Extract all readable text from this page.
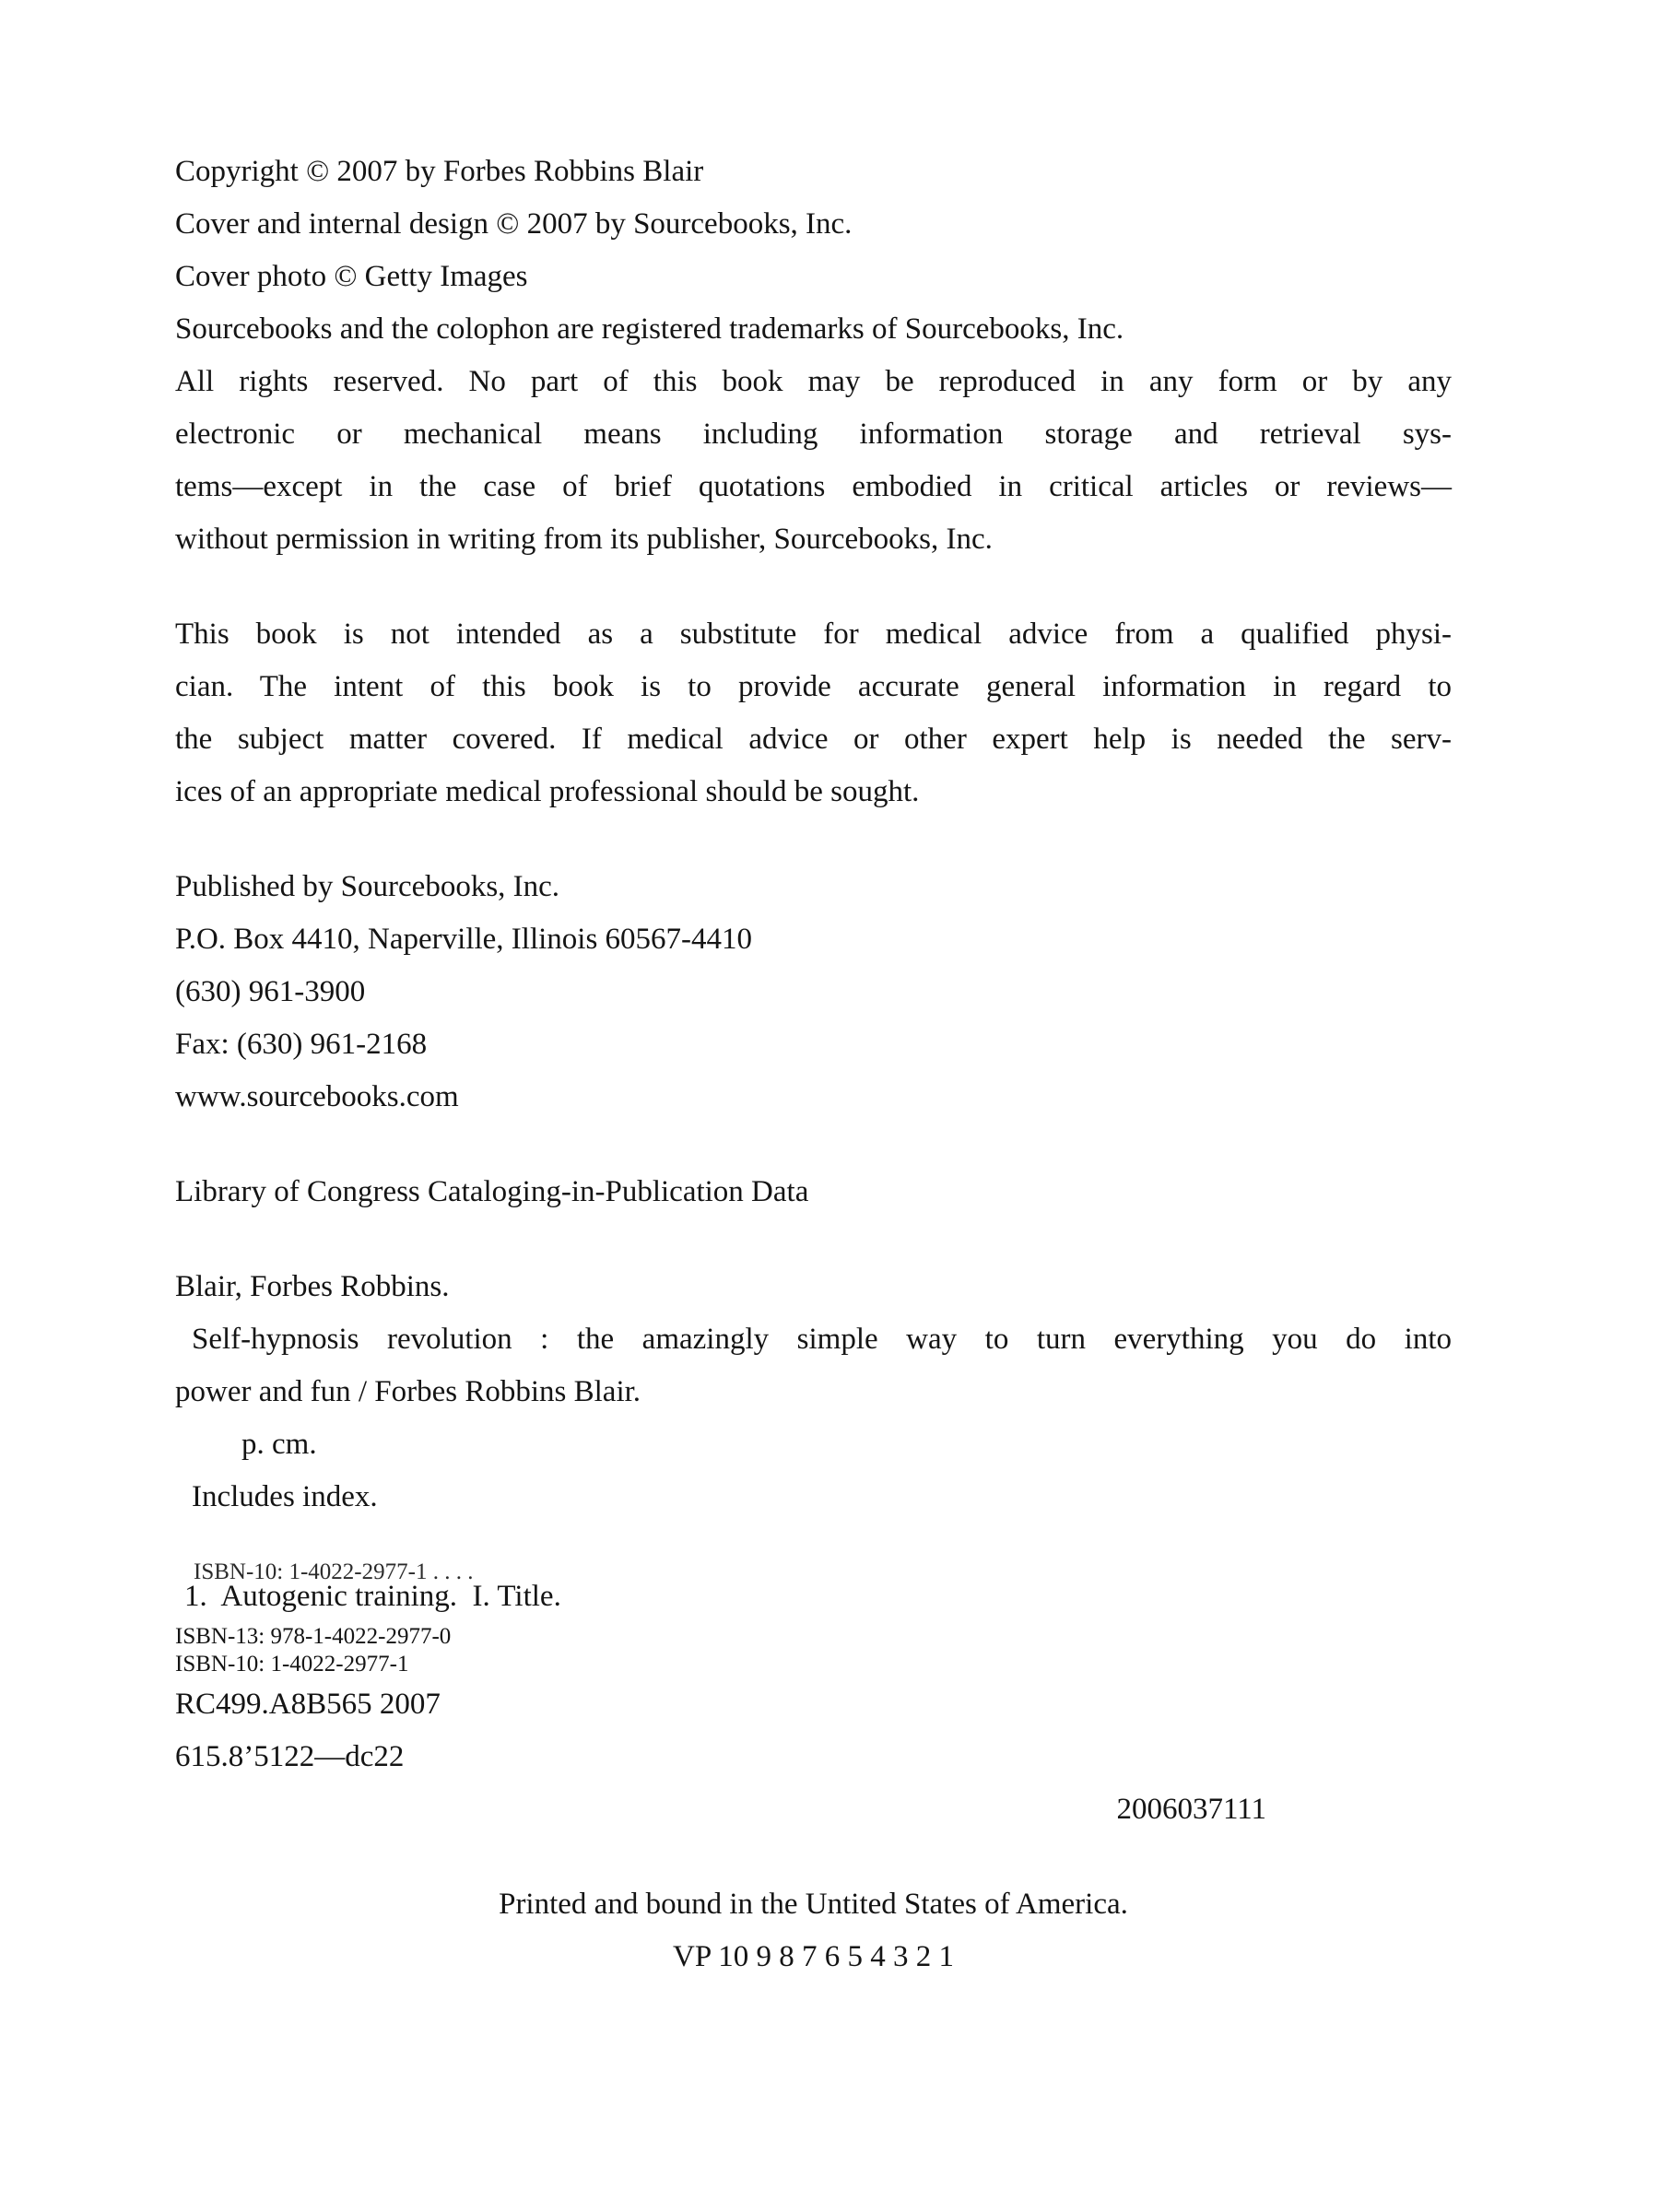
Copyright © 2007 by Forbes Robbins Blair
Cover and internal design © 2007 by Sourcebooks, Inc.
Cover photo © Getty Images
Sourcebooks and the colophon are registered trademarks of Sourcebooks, Inc.
All rights reserved. No part of this book may be reproduced in any form or by any
electronic or mechanical means including information storage and retrieval sys-
tems—except in the case of brief quotations embodied in critical articles or reviews—
without permission in writing from its publisher, Sourcebooks, Inc.
This book is not intended as a substitute for medical advice from a qualified physi-
cian. The intent of this book is to provide accurate general information in regard to
the subject matter covered. If medical advice or other expert help is needed the serv-
ices of an appropriate medical professional should be sought.
Published by Sourcebooks, Inc.
P.O. Box 4410, Naperville, Illinois 60567-4410
(630) 961-3900
Fax: (630) 961-2168
www.sourcebooks.com
Library of Congress Cataloging-in-Publication Data
Blair, Forbes Robbins.
Self-hypnosis revolution : the amazingly simple way to turn everything you do into
power and fun / Forbes Robbins Blair.
p. cm.
Includes index.
ISBN-10: 1-4022-2977-1 . . . .
1.  Autogenic training.  I. Title.
ISBN-13: 978-1-4022-2977-0
ISBN-10: 1-4022-2977-1
RC499.A8B565 2007
615.8’5122—dc22
2006037111
Printed and bound in the Untited States of America.
VP 10 9 8 7 6 5 4 3 2 1
